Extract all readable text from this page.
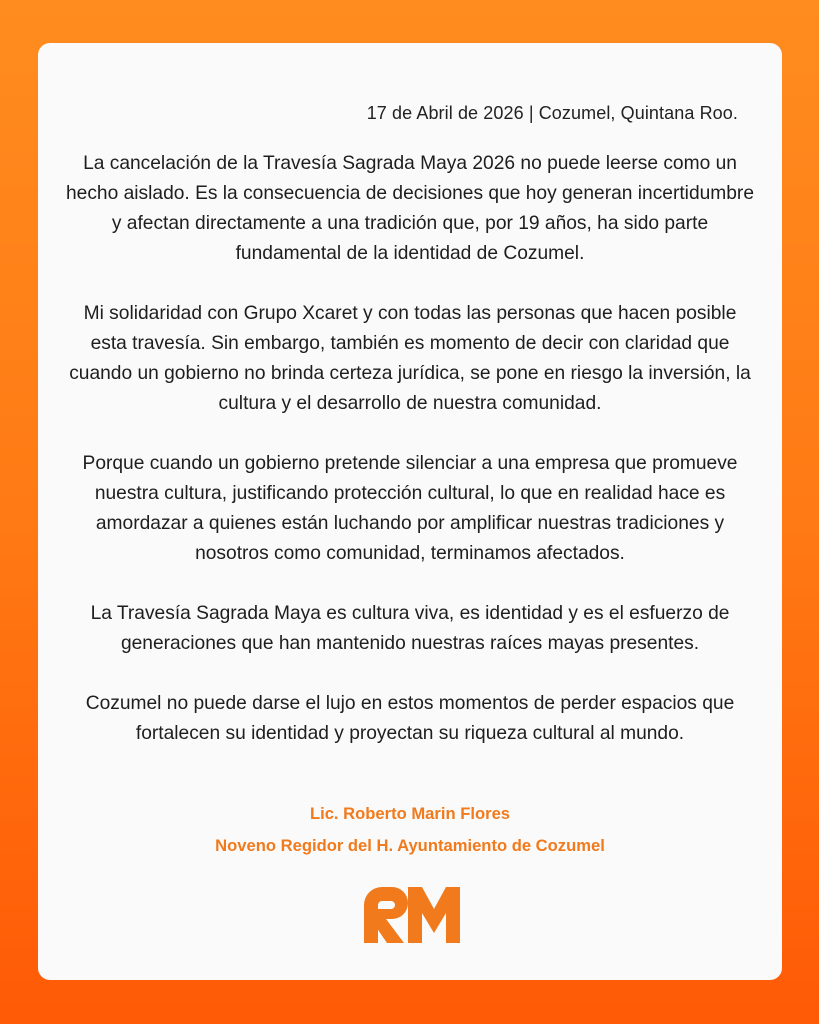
17 de Abril de 2026 | Cozumel, Quintana Roo.

La cancelación de la Travesía Sagrada Maya 2026 no puede leerse como un hecho aislado. Es la consecuencia de decisiones que hoy generan incertidumbre y afectan directamente a una tradición que, por 19 años, ha sido parte fundamental de la identidad de Cozumel.

Mi solidaridad con Grupo Xcaret y con todas las personas que hacen posible esta travesía. Sin embargo, también es momento de decir con claridad que cuando un gobierno no brinda certeza jurídica, se pone en riesgo la inversión, la cultura y el desarrollo de nuestra comunidad.

Porque cuando un gobierno pretende silenciar a una empresa que promueve nuestra cultura, justificando protección cultural, lo que en realidad hace es amordazar a quienes están luchando por amplificar nuestras tradiciones y nosotros como comunidad, terminamos afectados.

La Travesía Sagrada Maya es cultura viva, es identidad y es el esfuerzo de generaciones que han mantenido nuestras raíces mayas presentes.

Cozumel no puede darse el lujo en estos momentos de perder espacios que fortalecen su identidad y proyectan su riqueza cultural al mundo.

Lic. Roberto Marin Flores
Noveno Regidor del H. Ayuntamiento de Cozumel
